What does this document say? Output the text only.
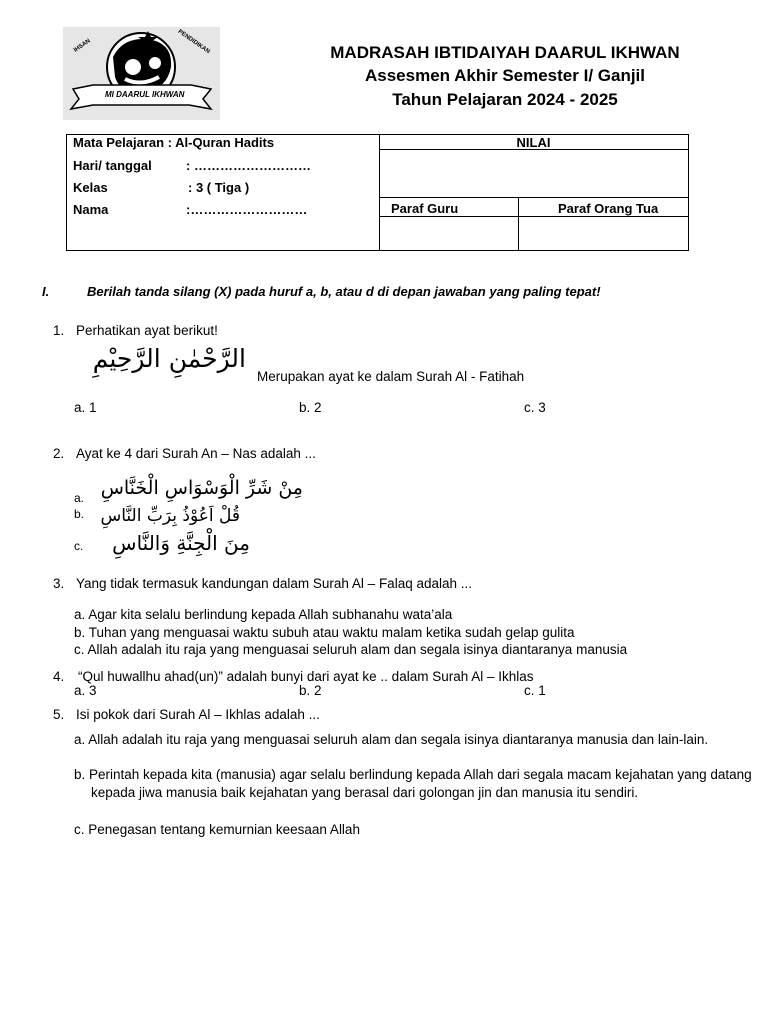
IHSAN	PENDIDIKAN
MI DAARUL IKHWAN
MADRASAH IBTIDAIYAH DAARUL IKHWAN
Assesmen Akhir Semester I/ Ganjil
Tahun Pelajaran 2024 - 2025
Mata Pelajaran : Al-Quran Hadits
Hari/ tanggal	: ………………………
Kelas	: 3 ( Tiga )
Nama	:………………………
NILAI
Paraf Guru	Paraf Orang Tua
I.	Berilah tanda silang (X) pada huruf a, b, atau d di depan jawaban yang paling tepat!
1. Perhatikan ayat berikut!
الرَّحْمٰنِ الرَّحِيْمِ
Merupakan ayat ke dalam Surah Al - Fatihah
a. 1	b. 2	c. 3
2. Ayat ke 4 dari Surah An – Nas adalah ...
a. مِنْ شَرِّ الْوَسْوَاسِ الْخَنَّاسِ
b. قُلْ اَعُوْذُ بِرَبِّ النَّاسِ
c.	مِنَ الْجِنَّةِ وَالنَّاسِ
3. Yang tidak termasuk kandungan dalam Surah Al – Falaq adalah ...
a. Agar kita selalu berlindung kepada Allah subhanahu wata’ala
b. Tuhan yang menguasai waktu subuh atau waktu malam ketika sudah gelap gulita
c. Allah adalah itu raja yang menguasai seluruh alam dan segala isinya diantaranya manusia
4. “Qul huwallhu ahad(un)” adalah bunyi dari ayat ke .. dalam Surah Al – Ikhlas
a. 3	b. 2	c. 1
5. Isi pokok dari Surah Al – Ikhlas adalah ...
a. Allah adalah itu raja yang menguasai seluruh alam dan segala isinya diantaranya manusia dan lain-lain.
b. Perintah kepada kita (manusia) agar selalu berlindung kepada Allah dari segala macam kejahatan yang datang kepada jiwa manusia baik kejahatan yang berasal dari golongan jin dan manusia itu sendiri.
c. Penegasan tentang kemurnian keesaan Allah
